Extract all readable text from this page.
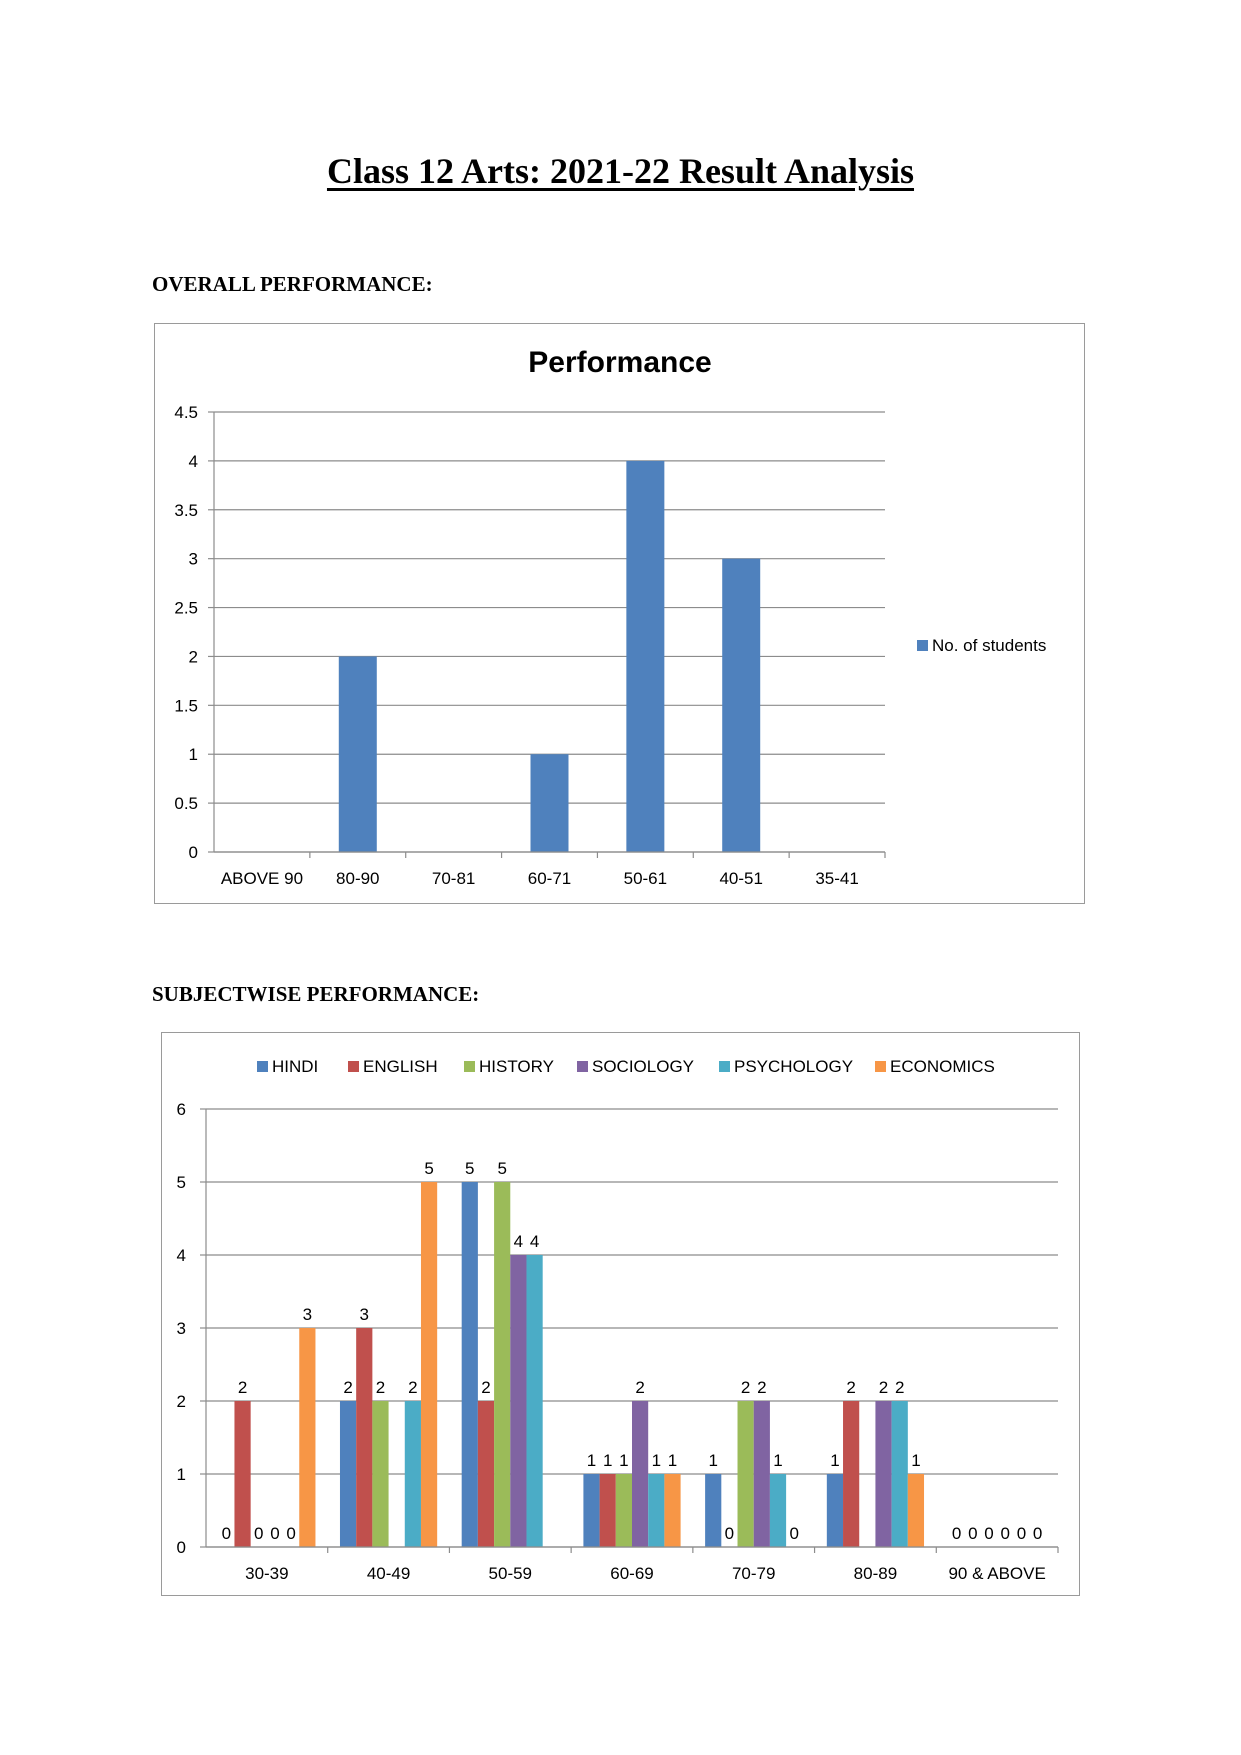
Class 12 Arts: 2021-22 Result Analysis
OVERALL PERFORMANCE:
Performance
0
0.5
1
1.5
2
2.5
3
3.5
4
4.5
ABOVE 90 80-90	70-81	60-71	50-61	40-51	35-41
No. of students
SUBJECTWISE PERFORMANCE:
HINDI	ENGLISH HISTORY SOCIOLOGY PSYCHOLOGY ECONOMICS
0
1
2
3
4
5
6
30-39
0
2
0 0 0
3
40-49
2
3
2 2
5
50-59
5
2
5
4 4
60-69
1 1 1
2
1 1
70-79
1
0
2 2
1
0
80-89
1
2 2 2
1
90 & ABOVE
0 0 0 0 0 0
